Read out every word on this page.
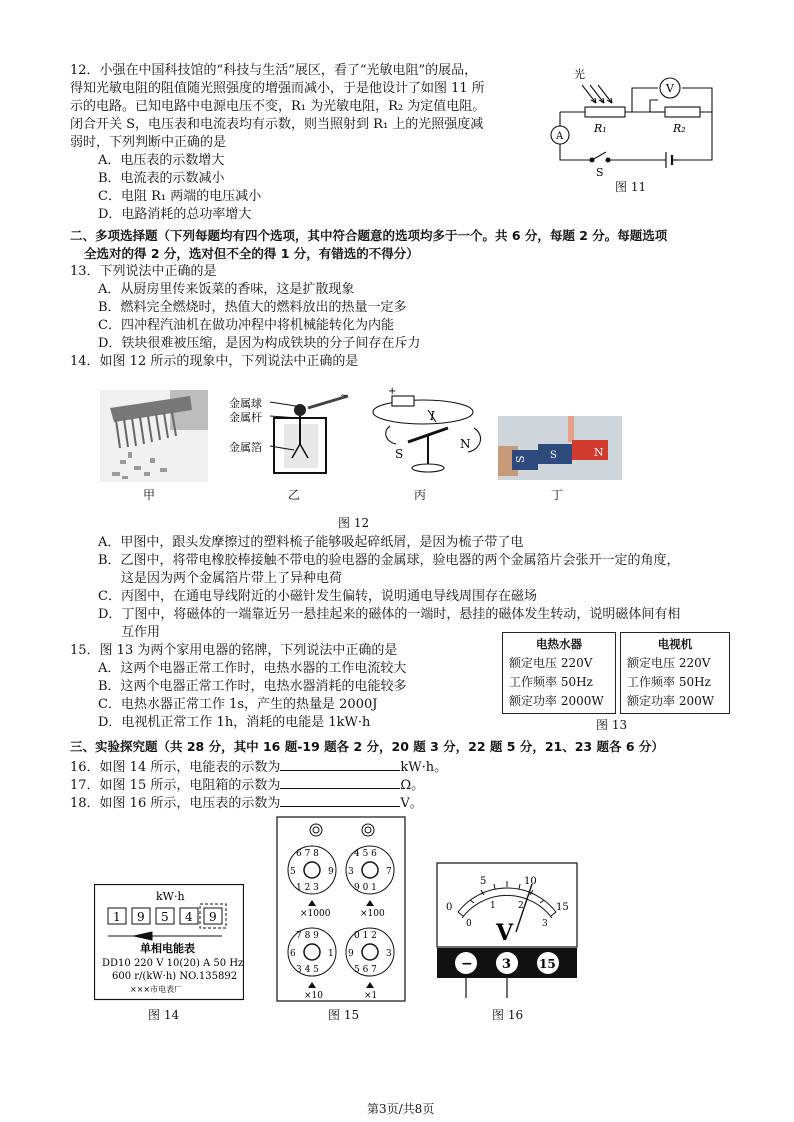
12．小强在中国科技馆的“科技与生活”展区，看了“光敏电阻”的展品，
得知光敏电阻的阻值随光照强度的增强而减小，于是他设计了如图 11 所
示的电路。已知电路中电源电压不变，R₁ 为光敏电阻，R₂ 为定值电阻。
闭合开关 S，电压表和电流表均有示数，则当照射到 R₁ 上的光照强度减
弱时，下列判断中正确的是
A．电压表的示数增大
B．电流表的示数减小
C．电阻 R₁ 两端的电压减小
D．电路消耗的总功率增大
光
V
A
R₁	R₂
S
图 11
二、多项选择题（下列每题均有四个选项，其中符合题意的选项均多于一个。共 6 分，每题 2 分。每题选项
全选对的得 2 分，选对但不全的得 1 分，有错选的不得分）
13．下列说法中正确的是
A．从厨房里传来饭菜的香味，这是扩散现象
B．燃料完全燃烧时，热值大的燃料放出的热量一定多
C．四冲程汽油机在做功冲程中将机械能转化为内能
D．铁块很难被压缩，是因为构成铁块的分子间存在斥力
14．如图 12 所示的现象中，下列说法中正确的是
甲
~
金属球
金属杆
金属箔
乙
+
S
N
I
丙
S S	N
丁
图 12
A．甲图中，跟头发摩擦过的塑料梳子能够吸起碎纸屑，是因为梳子带了电
B．乙图中，将带电橡胶棒接触不带电的验电器的金属球，验电器的两个金属箔片会张开一定的角度，
这是因为两个金属箔片带上了异种电荷
C．丙图中，在通电导线附近的小磁针发生偏转，说明通电导线周围存在磁场
D．丁图中，将磁体的一端靠近另一悬挂起来的磁体的一端时，悬挂的磁体发生转动，说明磁体间有相
互作用
15．图 13 为两个家用电器的铭牌，下列说法中正确的是
A．这两个电器正常工作时，电热水器的工作电流较大
B．这两个电器正常工作时，电热水器消耗的电能较多
C．电热水器正常工作 1s，产生的热量是 2000J
D．电视机正常工作 1h，消耗的电能是 1kW·h
电热水器
额定电压 220V
工作频率 50Hz
额定功率 2000W
电视机
额定电压 220V
工作频率 50Hz
额定功率 200W
图 13
三、实验探究题（共 28 分，其中 16 题-19 题各 2 分，20 题 3 分，22 题 5 分，21、23 题各 6 分）
16．如图 14 所示，电能表的示数为	kW·h。
17．如图 15 所示，电阻箱的示数为	Ω。
18．如图 16 所示，电压表的示数为	V。
kW·h
1 9 5 4 9
单相电能表
DD10 220 V 10(20) A 50 Hz
600 r/(kW·h) NO.135892
×××市电表厂
图 14
6 7 8
5	9
1 2 3
4 5 6
3	7
9 0 1
7 8 9
6	1
3 4 5
0 1 2
9	3
5 6 7
×1000	×100
×10	×1
图 15
0
5	10
15
0
1 2
3
V
− 3 15
图 16
第3页/共8页
